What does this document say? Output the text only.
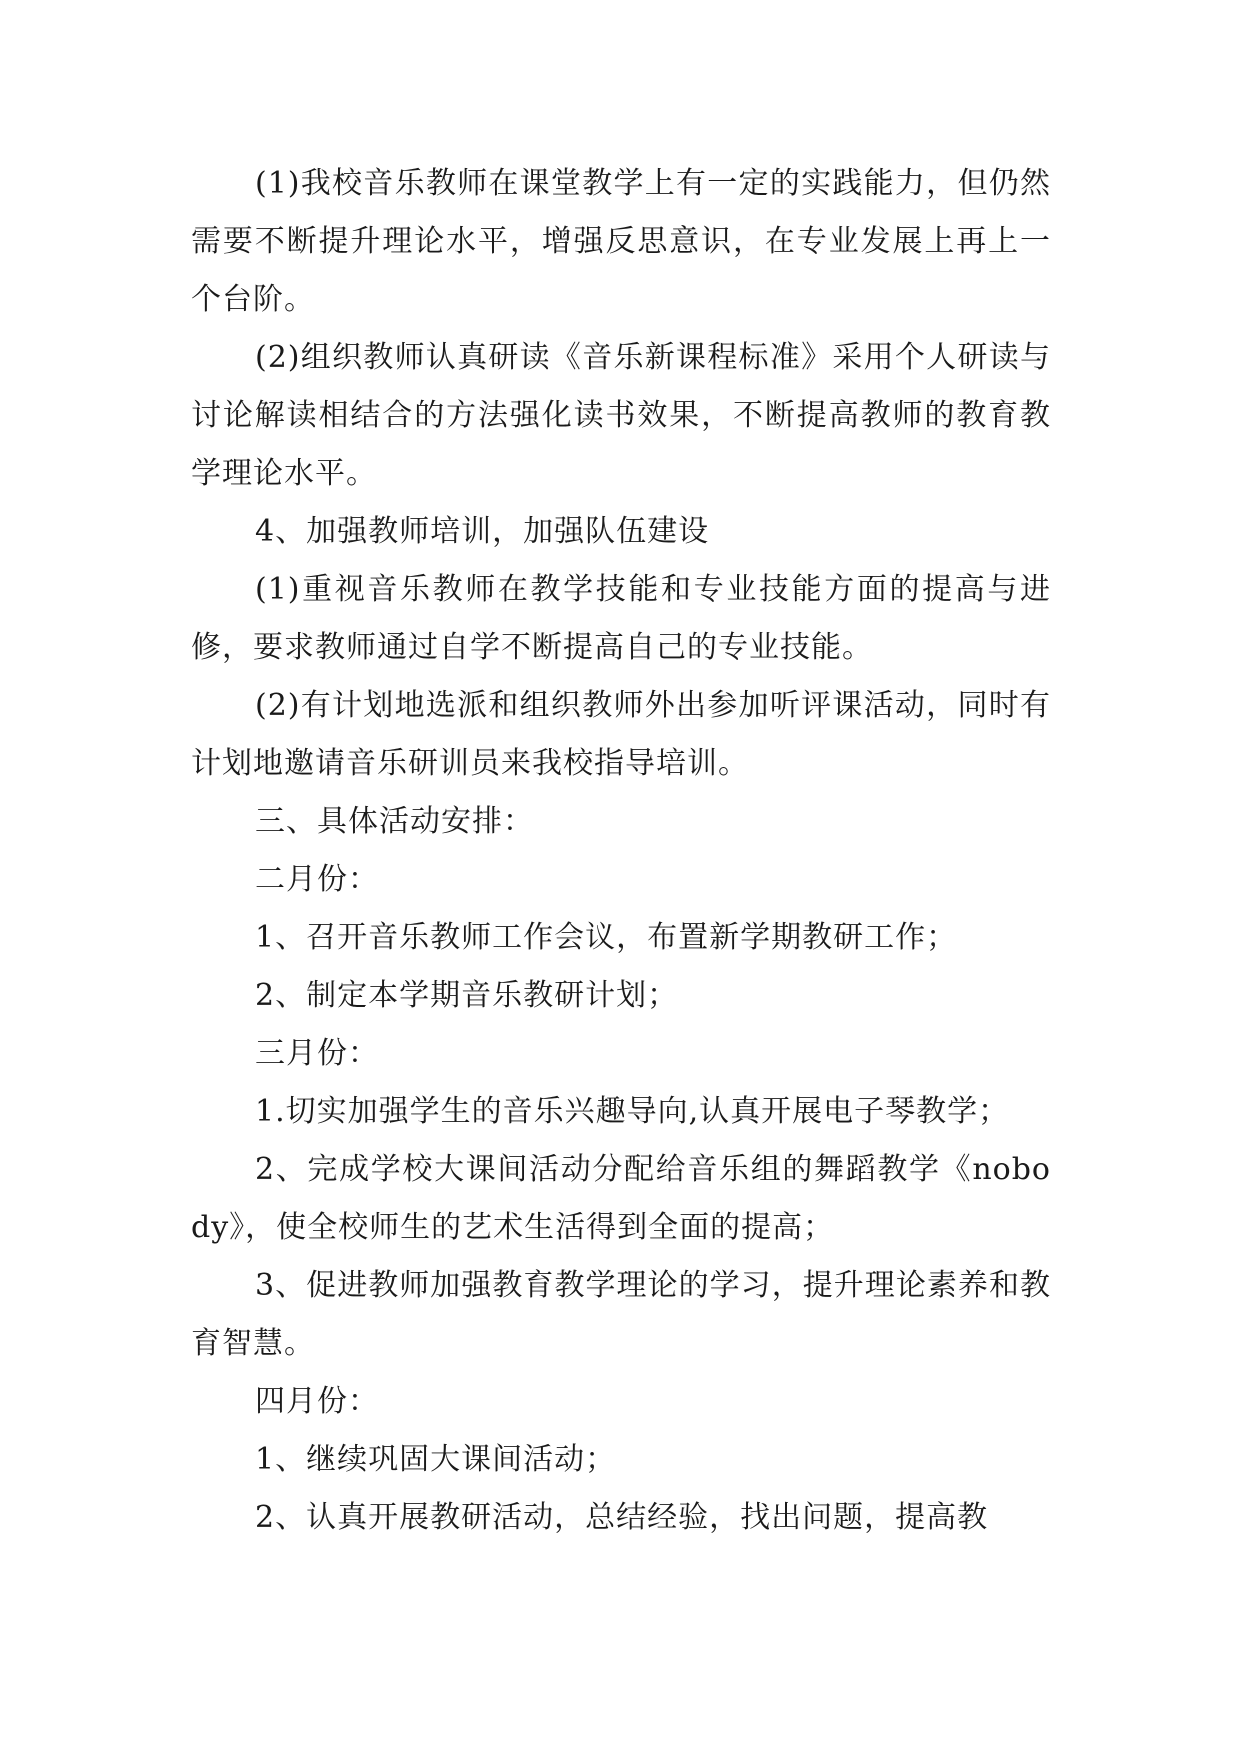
(1)我校音乐教师在课堂教学上有一定的实践能力，但仍然需要不断提升理论水平，增强反思意识，在专业发展上再上一个台阶。

(2)组织教师认真研读《音乐新课程标准》采用个人研读与讨论解读相结合的方法强化读书效果，不断提高教师的教育教学理论水平。

4、加强教师培训，加强队伍建设

(1)重视音乐教师在教学技能和专业技能方面的提高与进修，要求教师通过自学不断提高自己的专业技能。

(2)有计划地选派和组织教师外出参加听评课活动，同时有计划地邀请音乐研训员来我校指导培训。

三、具体活动安排：

二月份：

1、召开音乐教师工作会议，布置新学期教研工作；

2、制定本学期音乐教研计划；

三月份：

1.切实加强学生的音乐兴趣导向,认真开展电子琴教学；

2、完成学校大课间活动分配给音乐组的舞蹈教学《nobody》，使全校师生的艺术生活得到全面的提高；

3、促进教师加强教育教学理论的学习，提升理论素养和教育智慧。

四月份：

1、继续巩固大课间活动；

2、认真开展教研活动，总结经验，找出问题，提高教
